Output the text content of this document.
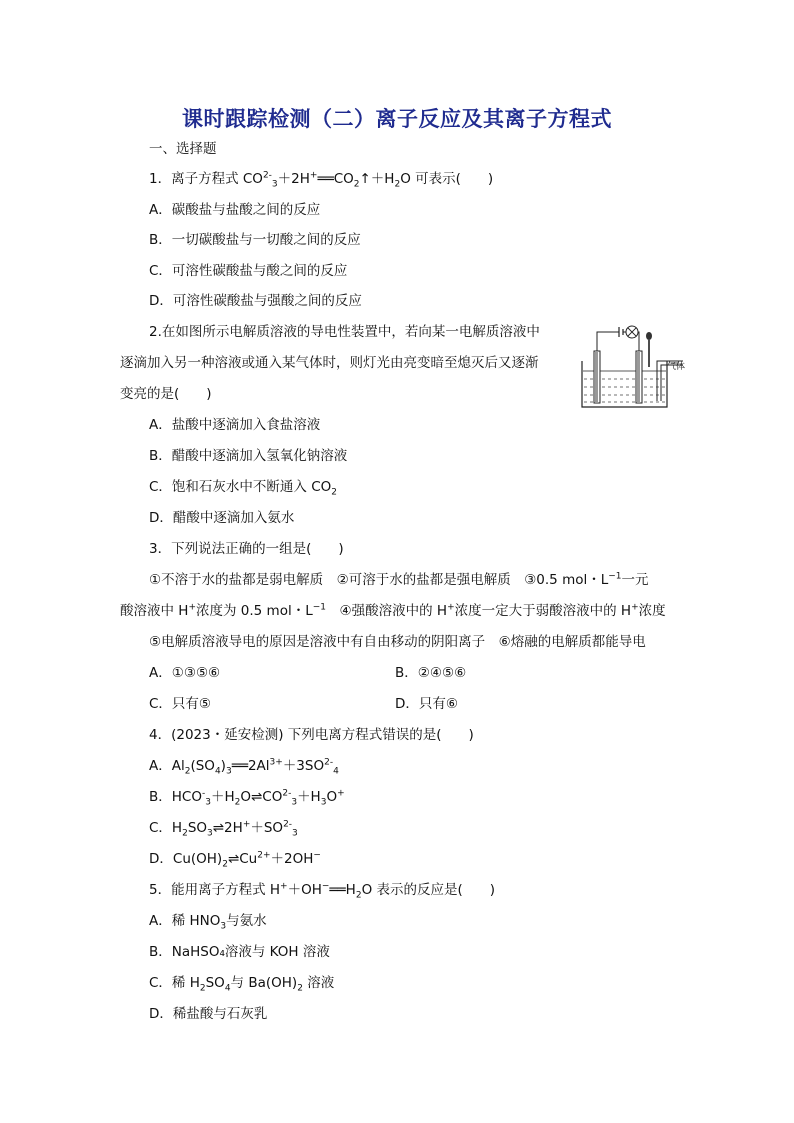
课时跟踪检测（二）离子反应及其离子方程式
一、选择题
1．离子方程式 $CO^{2-}_3+2H^+══CO_2↑+H_2O$ 可表示(　　)
A．碳酸盐与盐酸之间的反应
B．一切碳酸盐与一切酸之间的反应
C．可溶性碳酸盐与酸之间的反应
D．可溶性碳酸盐与强酸之间的反应
2.在如图所示电解质溶液的导电性装置中，若向某一电解质溶液中
逐滴加入另一种溶液或通入某气体时，则灯光由亮变暗至熄灭后又逐渐
变亮的是(　　)
气体
A．盐酸中逐滴加入食盐溶液
B．醋酸中逐滴加入氢氧化钠溶液
C．饱和石灰水中不断通入 $CO_2$
D．醋酸中逐滴加入氨水
3．下列说法正确的一组是(　　)
①不溶于水的盐都是弱电解质　②可溶于水的盐都是强电解质　③0.5 mol・$L^{-1}$一元
酸溶液中 H+浓度为 0.5 mol・$L^{-1}$　④强酸溶液中的 H+浓度一定大于弱酸溶液中的 H+浓度
⑤电解质溶液导电的原因是溶液中有自由移动的阴阳离子　⑥熔融的电解质都能导电
A．①③⑤⑥	B．②④⑤⑥
C．只有⑤	D．只有⑥
4．(2023・延安检测) 下列电离方程式错误的是(　　)
A．$Al_2(SO_4)_3══2Al^{3+}+3SO^{2-}_4$
B．$HCO^-_3+H_2O\rightleftharpoons CO^{2-}_3+H_3O^+$
C．$H_2SO_3\rightleftharpoons 2H^++SO^{2-}_3$
D．$Cu(OH)_2\rightleftharpoons Cu^{2+}+2OH^-$
5．能用离子方程式 $H^++OH^-══H_2O$ 表示的反应是(　　)
A．稀 $HNO_3$与氨水
B．NaHSO₄溶液与 KOH 溶液
C．稀 $H_2SO_4$与 $Ba(OH)_2$ 溶液
D．稀盐酸与石灰乳
